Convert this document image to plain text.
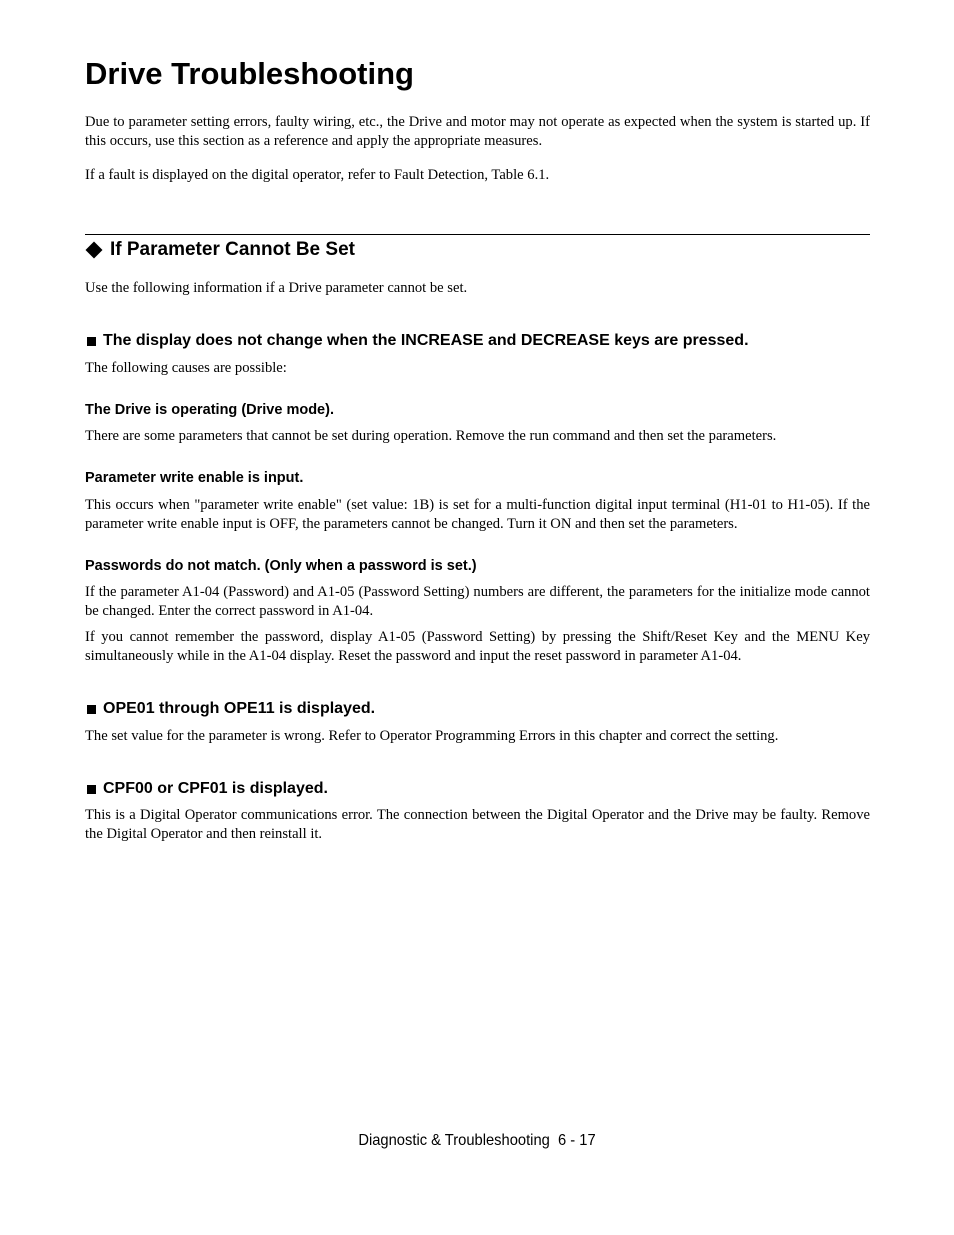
Drive Troubleshooting

Due to parameter setting errors, faulty wiring, etc., the Drive and motor may not operate as expected when the system is started up. If this occurs, use this section as a reference and apply the appropriate measures.

If a fault is displayed on the digital operator, refer to Fault Detection, Table 6.1.

If Parameter Cannot Be Set

Use the following information if a Drive parameter cannot be set.

The display does not change when the INCREASE and DECREASE keys are pressed.

The following causes are possible:

The Drive is operating (Drive mode).

There are some parameters that cannot be set during operation. Remove the run command and then set the parameters.

Parameter write enable is input.

This occurs when "parameter write enable" (set value: 1B) is set for a multi-function digital input terminal (H1-01 to H1-05). If the parameter write enable input is OFF, the parameters cannot be changed. Turn it ON and then set the parameters.

Passwords do not match. (Only when a password is set.)

If the parameter A1-04 (Password) and A1-05 (Password Setting) numbers are different, the parameters for the initialize mode cannot be changed. Enter the correct password in A1-04.

If you cannot remember the password, display A1-05 (Password Setting) by pressing the Shift/Reset Key and the MENU Key simultaneously while in the A1-04 display. Reset the password and input the reset password in parameter A1-04.

OPE01 through OPE11 is displayed.

The set value for the parameter is wrong. Refer to Operator Programming Errors in this chapter and correct the setting.

CPF00 or CPF01 is displayed.

This is a Digital Operator communications error. The connection between the Digital Operator and the Drive may be faulty. Remove the Digital Operator and then reinstall it.

Diagnostic & Troubleshooting  6 - 17
